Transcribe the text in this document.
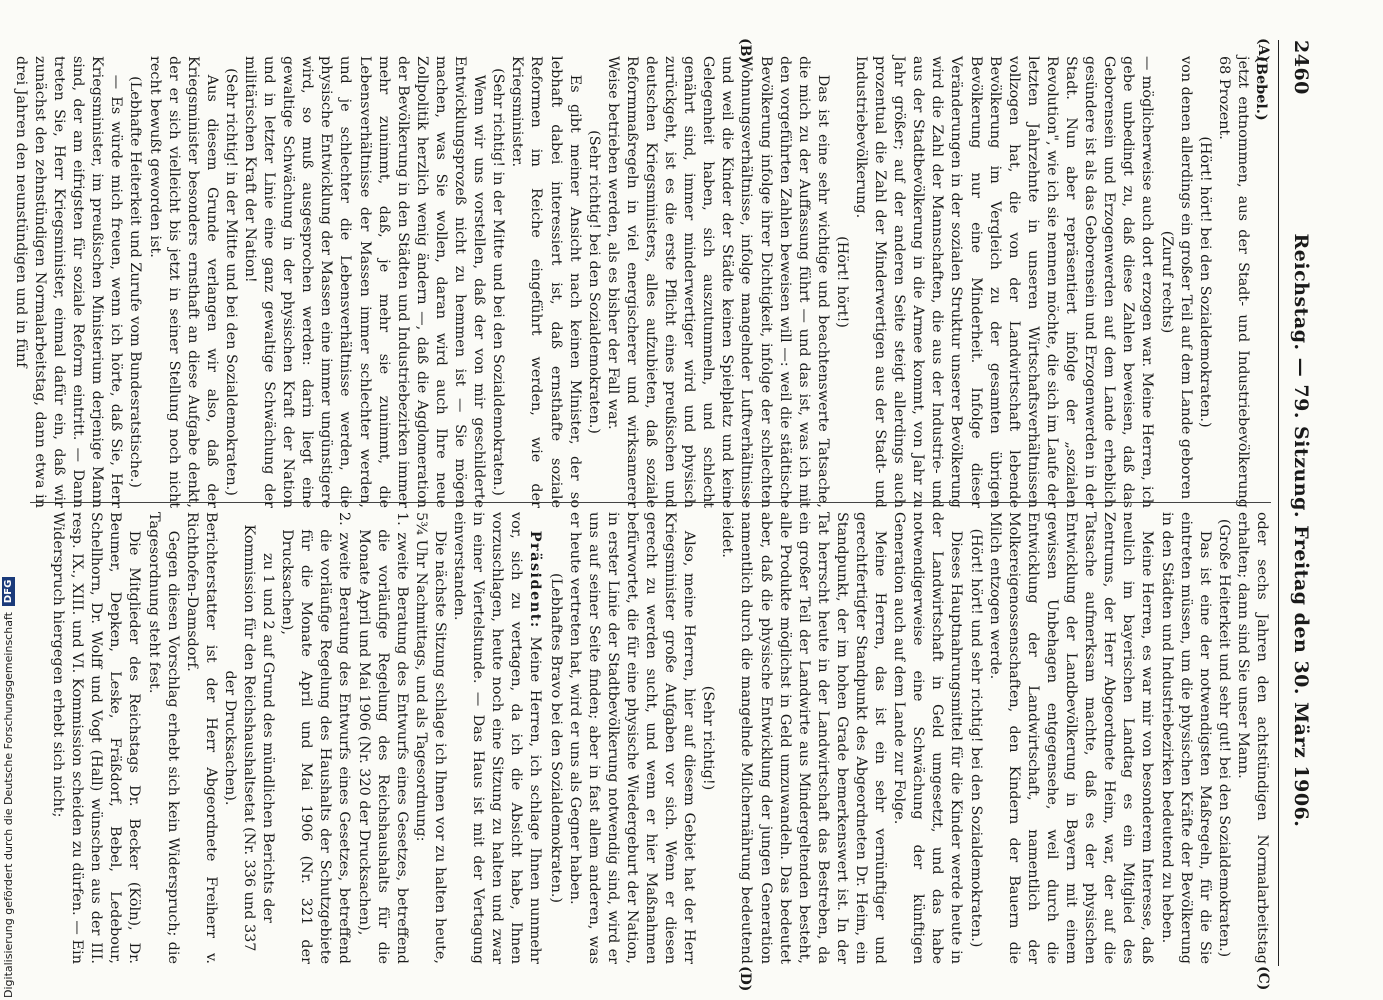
2460
Reichstag. — 79. Sitzung. Freitag den 30. März 1906.
(A)
(B)
(C)
(D)

(Bebel.)

jetzt entnommen, aus der Stadt- und Industriebevölkerung 68 Prozent.

(Hört! hört! bei den Sozialdemokraten.)

von denen allerdings ein großer Teil auf dem Lande geboren

(Zuruf rechts)

— möglicherweise auch dort erzogen war. Meine Herren, ich gebe unbedingt zu, daß diese Zahlen beweisen, daß das Geborensein und Erzogenwerden auf dem Lande erheblich gesündere ist als das Geborensein und Erzogenwerden in der Stadt. Nun aber repräsentiert infolge der „sozialen Revolution", wie ich sie nennen möchte, die sich im Laufe der letzten Jahrzehnte in unseren Wirtschaftsverhältnissen vollzogen hat, die von der Landwirtschaft lebende Bevölkerung im Vergleich zu der gesamten übrigen Bevölkerung nur eine Minderheit. Infolge dieser Veränderungen in der sozialen Struktur unserer Bevölkerung wird die Zahl der Mannschaften, die aus der Industrie- und aus der Stadtbevölkerung in die Armee kommt, von Jahr zu Jahr größer; auf der anderen Seite steigt allerdings auch prozentual die Zahl der Minderwertigen aus der Stadt- und Industriebevölkerung.

(Hört! hört!)

Das ist eine sehr wichtige und beachtenswerte Tatsache, die mich zu der Auffassung führt — und das ist, was ich mit den vorgeführten Zahlen beweisen will —: weil die städtische Bevölkerung infolge ihrer Dichtigkeit, infolge der schlechten Wohnungsverhältnisse, infolge mangelnder Luftverhältnisse und weil die Kinder der Städte keinen Spielplatz und keine Gelegenheit haben, sich auszutummeln, und schlecht genährt sind, immer minderwertiger wird und physisch zurückgeht, ist es die erste Pflicht eines preußischen und deutschen Kriegsministers, alles aufzubieten, daß soziale Reformmaßregeln in viel energischerer und wirksamerer Weise betrieben werden, als es bisher der Fall war.

(Sehr richtig! bei den Sozialdemokraten.)

Es gibt meiner Ansicht nach keinen Minister, der so lebhaft dabei interessiert ist, daß ernsthafte soziale Reformen im Reiche eingeführt werden, wie der Kriegsminister.

(Sehr richtig! in der Mitte und bei den Sozialdemokraten.)

Wenn wir uns vorstellen, daß der von mir geschilderte Entwicklungsprozeß nicht zu hemmen ist — Sie mögen machen, was Sie wollen, daran wird auch Ihre neue Zollpolitik herzlich wenig ändern —, daß die Agglomeration der Bevölkerung in den Städten und Industriebezirken immer mehr zunimmt, daß, je mehr sie zunimmt, die Lebensverhältnisse der Massen immer schlechter werden, und je schlechter die Lebensverhältnisse werden, die physische Entwicklung der Massen eine immer ungünstigere wird, so muß ausgesprochen werden: darin liegt eine gewaltige Schwächung in der physischen Kraft der Nation und in letzter Linie eine ganz gewaltige Schwächung der militärischen Kraft der Nation!

(Sehr richtig! in der Mitte und bei den Sozialdemokraten.)

Aus diesem Grunde verlangen wir also, daß der Kriegsminister besonders ernsthaft an diese Aufgabe denkt, der er sich vielleicht bis jetzt in seiner Stellung noch nicht recht bewußt geworden ist.

(Lebhafte Heiterkeit und Zurufe vom Bundesratstische.)

— Es würde mich freuen, wenn ich hörte, daß Sie, Herr Kriegsminister, im preußischen Ministerium derjenige Mann sind, der am eifrigsten für soziale Reform eintritt. — Dann treten Sie, Herr Kriegsminister, einmal dafür ein, daß wir zunächst den zehnstündigen Normalarbeitstag, dann etwa in drei Jahren den neunstündigen und in fünf

oder sechs Jahren den achtstündigen Normalarbeitstag erhalten; dann sind Sie unser Mann.

(Große Heiterkeit und sehr gut! bei den Sozialdemokraten.)

Das ist eine der notwendigsten Maßregeln, für die Sie eintreten müssen, um die physischen Kräfte der Bevölkerung in den Städten und Industriebezirken bedeutend zu heben.

Meine Herren, es war mir von besonderem Interesse, daß neulich im bayerischen Landtag es ein Mitglied des Zentrums, der Herr Abgeordnete Heim, war, der auf die Tatsache aufmerksam machte, daß es der physischen Entwicklung der Landbevölkerung in Bayern mit einem gewissen Unbehagen entgegensehe, weil durch die Entwicklung der Landwirtschaft, namentlich der Molkereigenossenschaften, den Kindern der Bauern die Milch entzogen werde.

(Hört! hört! und sehr richtig! bei den Sozialdemokraten.)

Dieses Hauptnahrungsmittel für die Kinder werde heute in der Landwirtschaft in Geld umgesetzt, und das habe notwendigerweise eine Schwächung der künftigen Generation auch auf dem Lande zur Folge.

Meine Herren, das ist ein sehr vernünftiger und gerechtfertigter Standpunkt des Abgeordneten Dr. Heim, ein Standpunkt, der im hohen Grade bemerkenswert ist. In der Tat herrscht heute in der Landwirtschaft das Bestreben, da ein großer Teil der Landwirte aus Mindergeltenden besteht, alle Produkte möglichst in Geld umzuwandeln. Das bedeutet aber, daß die physische Entwicklung der jungen Generation namentlich durch die mangelnde Milchernährung bedeutend leidet.

(Sehr richtig!)

Also, meine Herren, hier auf diesem Gebiet hat der Herr Kriegsminister große Aufgaben vor sich. Wenn er diesen gerecht zu werden sucht, und wenn er hier Maßnahmen befürwortet, die für eine physische Wiedergeburt der Nation, in erster Linie der Stadtbevölkerung notwendig sind, wird er uns auf seiner Seite finden; aber in fast allem anderen, was er heute vertreten hat, wird er uns als Gegner haben.

(Lebhaftes Bravo bei den Sozialdemokraten.)

Präsident: Meine Herren, ich schlage Ihnen nunmehr vor, sich zu vertagen, da ich die Absicht habe, Ihnen vorzuschlagen, heute noch eine Sitzung zu halten und zwar in einer Viertelstunde. — Das Haus ist mit der Vertagung einverstanden.

Die nächste Sitzung schlage ich Ihnen vor zu halten heute, 5¾ Uhr Nachmittags, und als Tagesordnung:

1. zweite Beratung des Entwurfs eines Gesetzes, betreffend die vorläufige Regelung des Reichshaushalts für die Monate April und Mai 1906 (Nr. 320 der Drucksachen),

2. zweite Beratung des Entwurfs eines Gesetzes, betreffend die vorläufige Regelung des Haushalts der Schutzgebiete für die Monate April und Mai 1906 (Nr. 321 der Drucksachen),

zu 1 und 2 auf Grund des mündlichen Berichts der Kommission für den Reichshaushaltsetat (Nr. 336 und 337 der Drucksachen).

Berichterstatter ist der Herr Abgeordnete Freiherr v. Richthofen-Damsdorf.

Gegen diesen Vorschlag erhebt sich kein Widerspruch; die Tagesordnung steht fest.

Die Mitglieder des Reichstags Dr. Becker (Köln), Dr. Beumer, Depken, Leske, Fräßdorf, Bebel, Ledebour, Schellhorn, Dr. Wolff und Vogt (Hall) wünschen aus der III. resp. IX., XIII. und VI. Kommission scheiden zu dürfen. — Ein Widerspruch hiergegen erhebt sich nicht;

Digitalisierung gefördert durch die Deutsche Forschungsgemeinschaft
DFG
